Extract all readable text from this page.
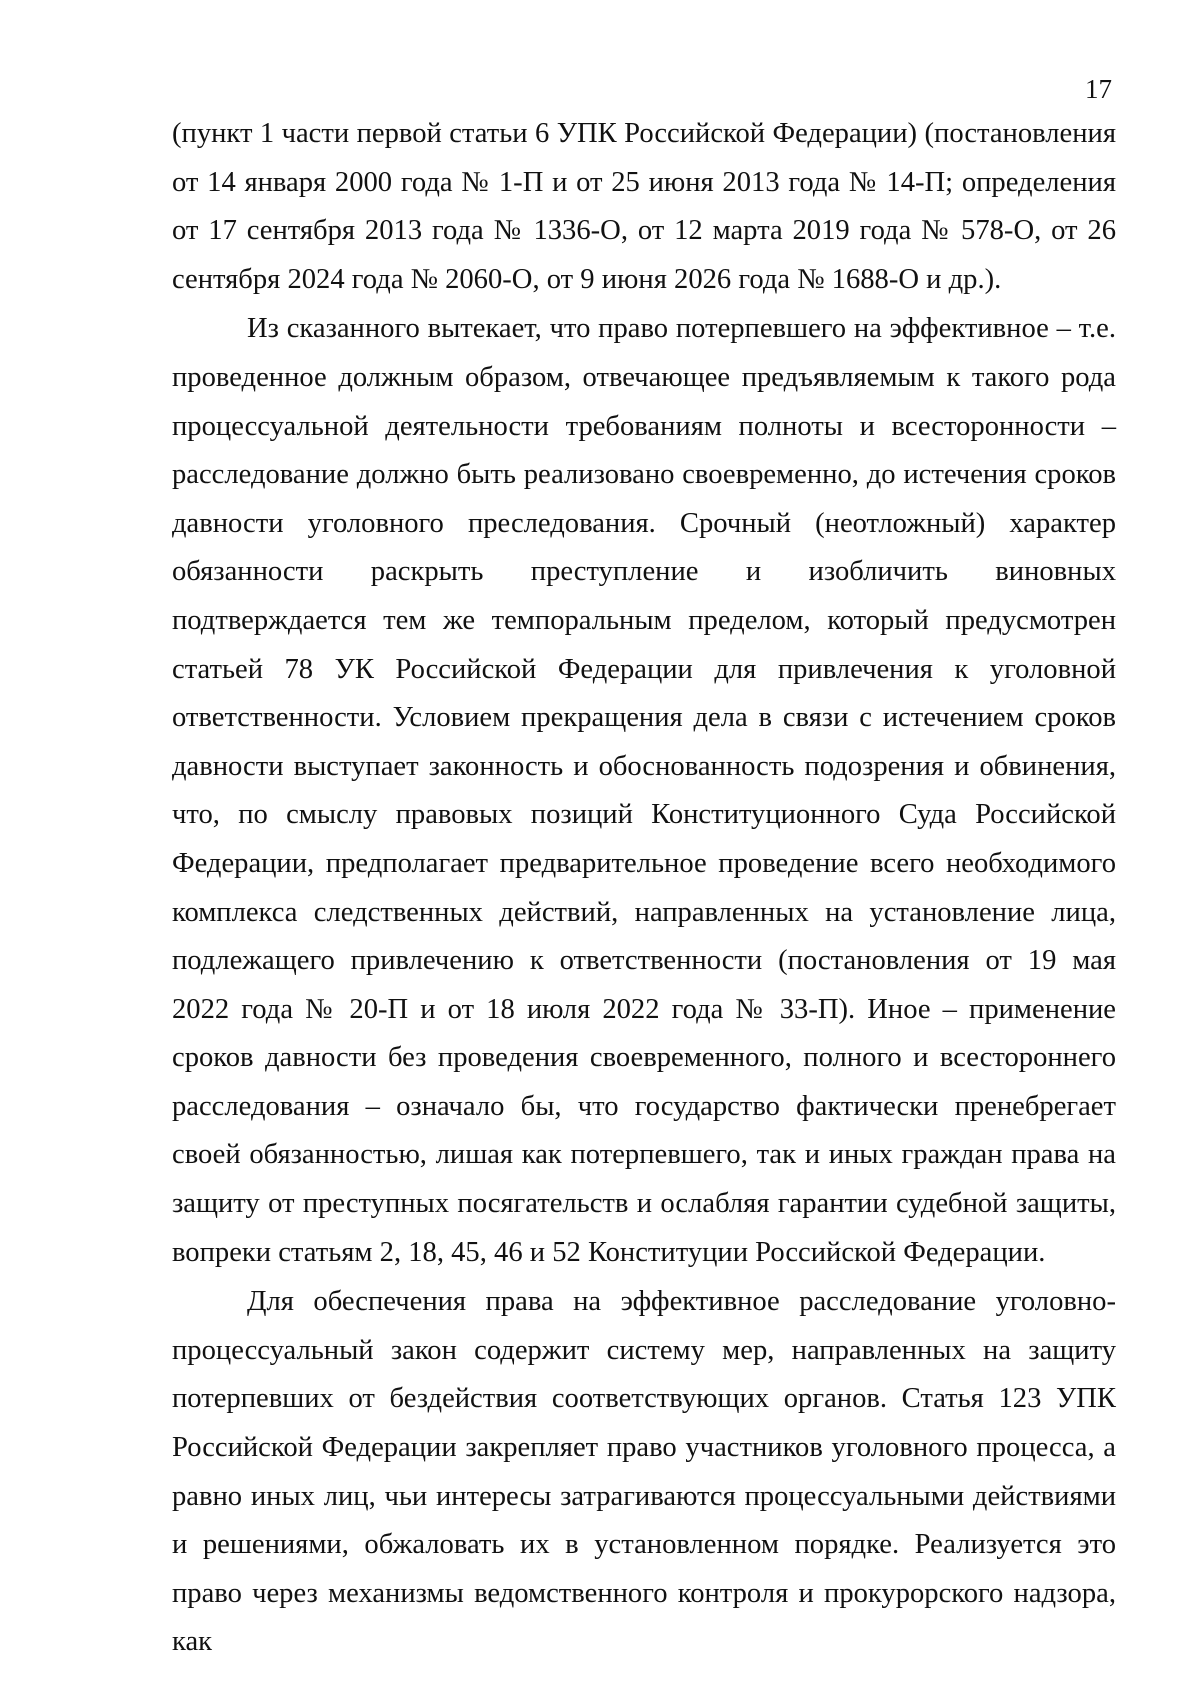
17

(пункт 1 части первой статьи 6 УПК Российской Федерации) (постановления от 14 января 2000 года № 1-П и от 25 июня 2013 года № 14-П; определения от 17 сентября 2013 года № 1336-О, от 12 марта 2019 года № 578-О, от 26 сентября 2024 года № 2060-О, от 9 июня 2026 года № 1688-О и др.).

Из сказанного вытекает, что право потерпевшего на эффективное – т.е. проведенное должным образом, отвечающее предъявляемым к такого рода процессуальной деятельности требованиям полноты и всесторонности – расследование должно быть реализовано своевременно, до истечения сроков давности уголовного преследования. Срочный (неотложный) характер обязанности раскрыть преступление и изобличить виновных подтверждается тем же темпоральным пределом, который предусмотрен статьей 78 УК Российской Федерации для привлечения к уголовной ответственности. Условием прекращения дела в связи с истечением сроков давности выступает законность и обоснованность подозрения и обвинения, что, по смыслу правовых позиций Конституционного Суда Российской Федерации, предполагает предварительное проведение всего необходимого комплекса следственных действий, направленных на установление лица, подлежащего привлечению к ответственности (постановления от 19 мая 2022 года № 20-П и от 18 июля 2022 года № 33-П). Иное – применение сроков давности без проведения своевременного, полного и всестороннего расследования – означало бы, что государство фактически пренебрегает своей обязанностью, лишая как потерпевшего, так и иных граждан права на защиту от преступных посягательств и ослабляя гарантии судебной защиты, вопреки статьям 2, 18, 45, 46 и 52 Конституции Российской Федерации.

Для обеспечения права на эффективное расследование уголовно-процессуальный закон содержит систему мер, направленных на защиту потерпевших от бездействия соответствующих органов. Статья 123 УПК Российской Федерации закрепляет право участников уголовного процесса, а равно иных лиц, чьи интересы затрагиваются процессуальными действиями и решениями, обжаловать их в установленном порядке. Реализуется это право через механизмы ведомственного контроля и прокурорского надзора, как
